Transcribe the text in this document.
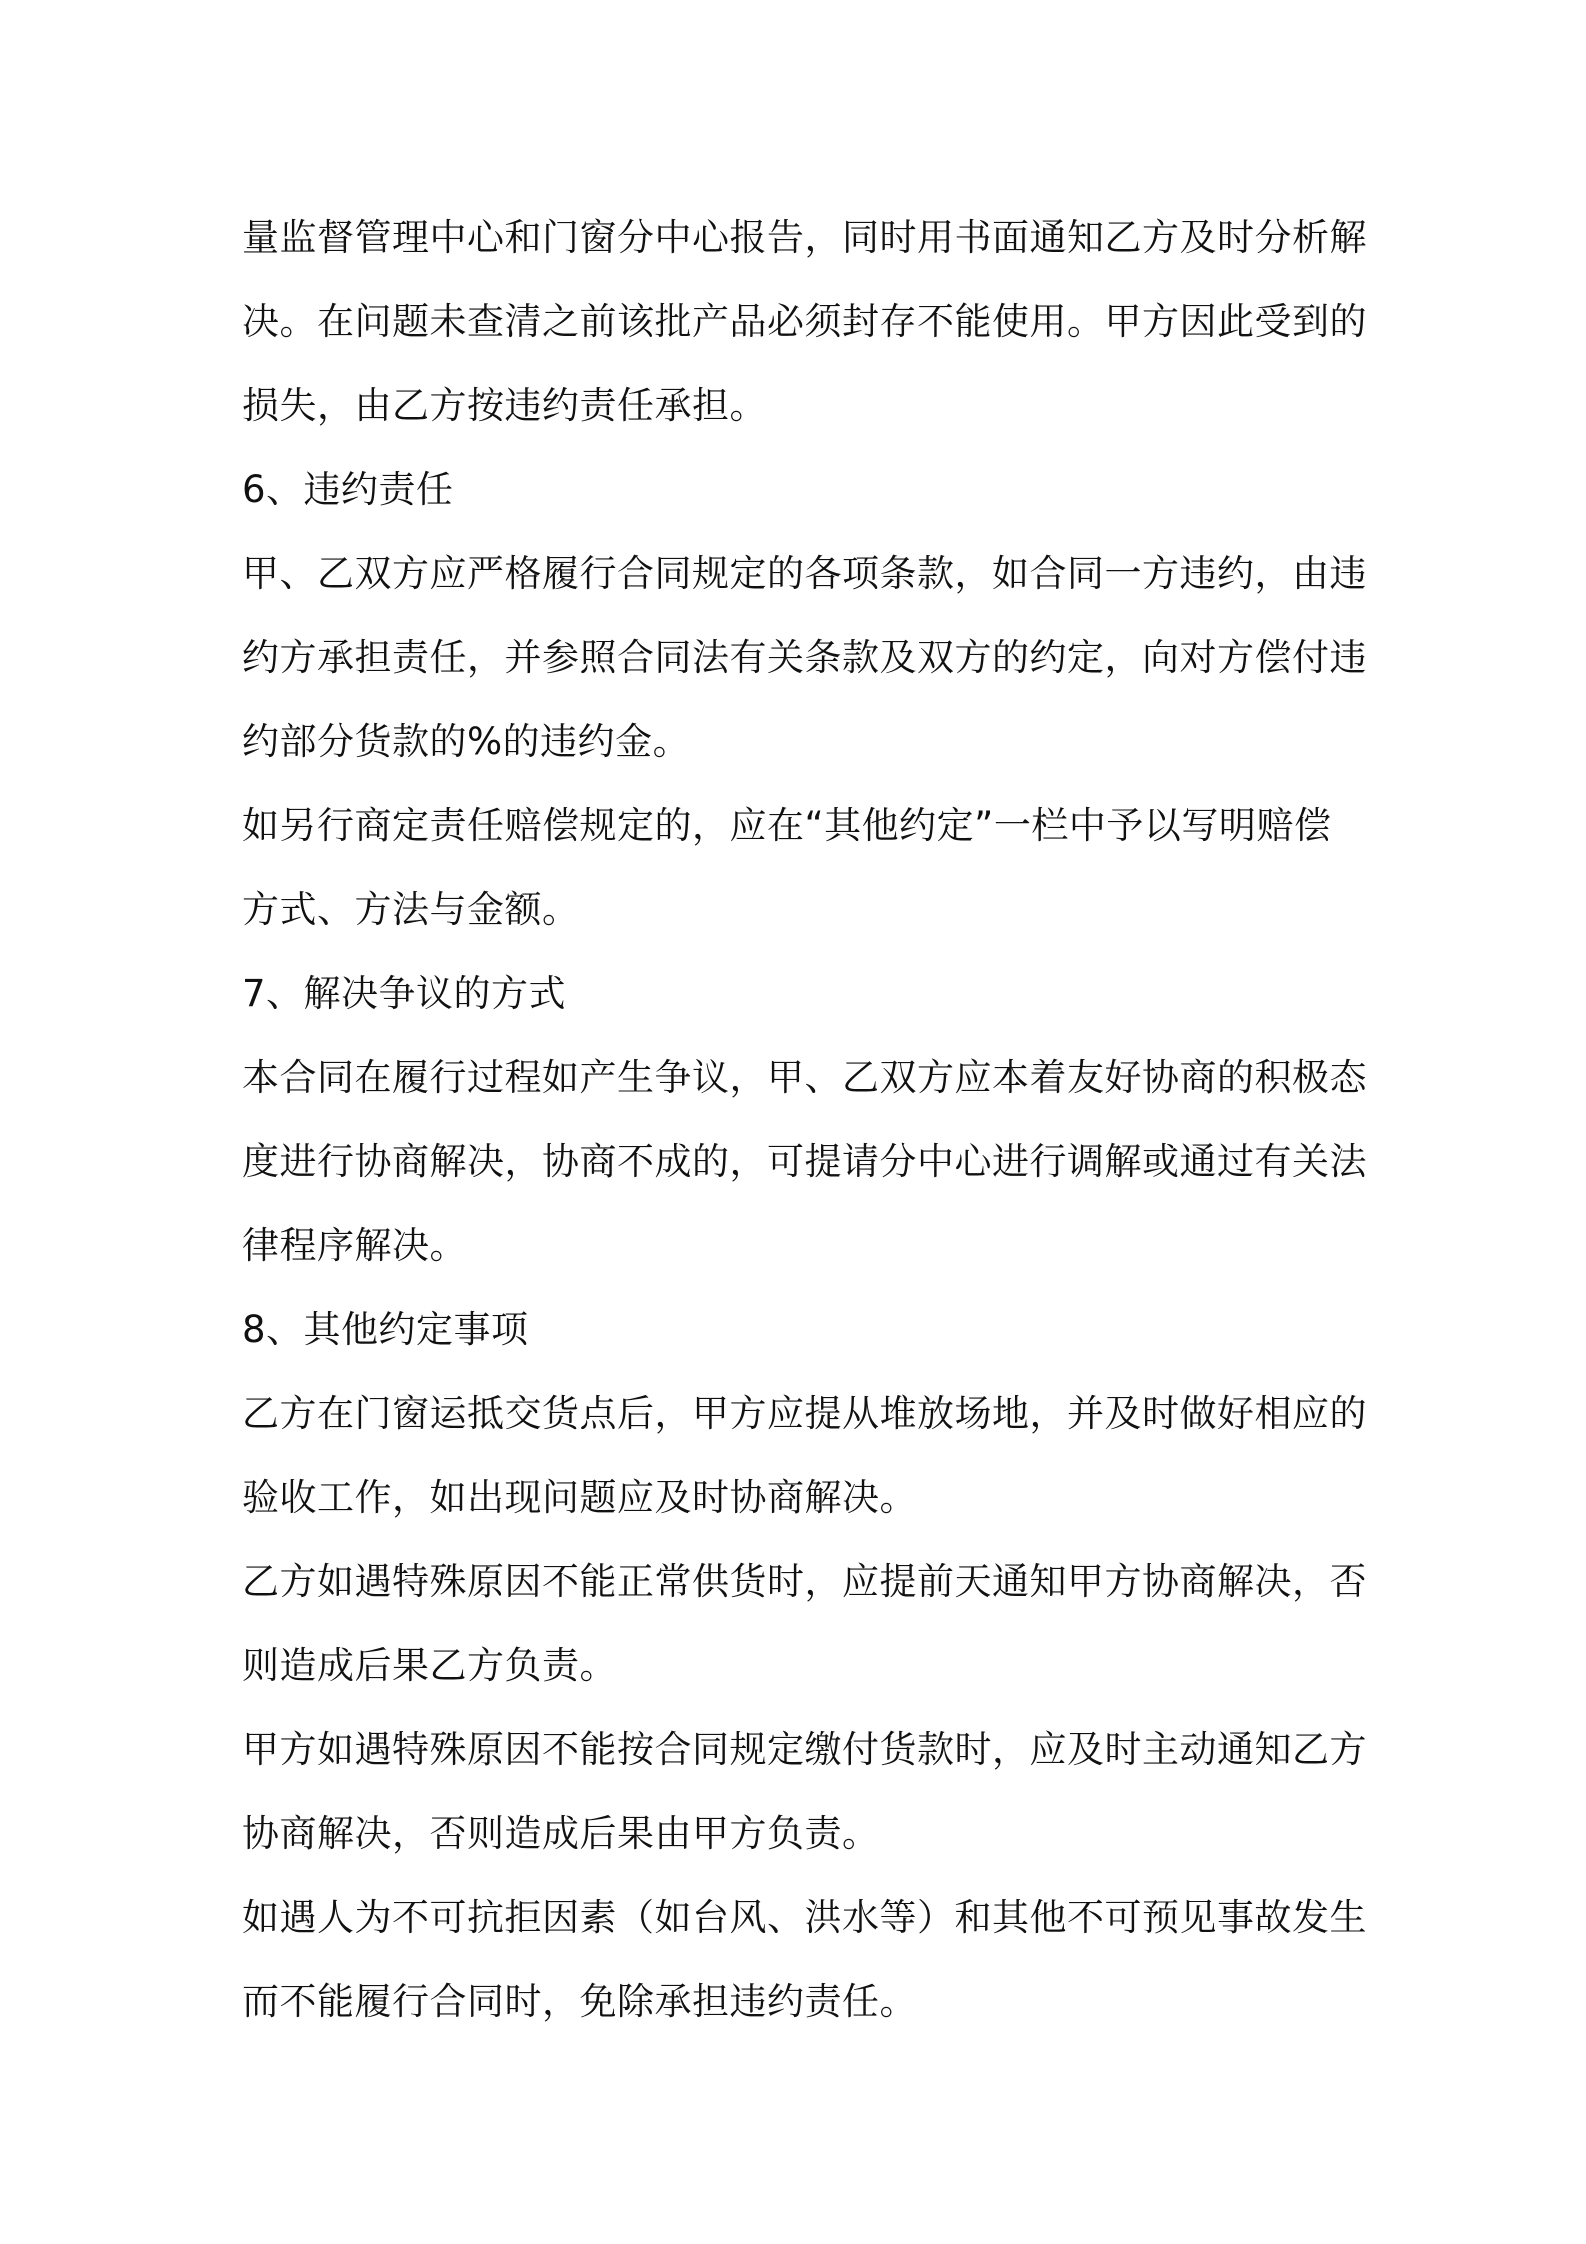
量监督管理中心和门窗分中心报告，同时用书面通知乙方及时分析解
决。在问题未查清之前该批产品必须封存不能使用。甲方因此受到的
损失，由乙方按违约责任承担。
6、违约责任
甲、乙双方应严格履行合同规定的各项条款，如合同一方违约，由违
约方承担责任，并参照合同法有关条款及双方的约定，向对方偿付违
约部分货款的%的违约金。
如另行商定责任赔偿规定的，应在“其他约定”一栏中予以写明赔偿
方式、方法与金额。
7、解决争议的方式
本合同在履行过程如产生争议，甲、乙双方应本着友好协商的积极态
度进行协商解决，协商不成的，可提请分中心进行调解或通过有关法
律程序解决。
8、其他约定事项
乙方在门窗运抵交货点后，甲方应提从堆放场地，并及时做好相应的
验收工作，如出现问题应及时协商解决。
乙方如遇特殊原因不能正常供货时，应提前天通知甲方协商解决，否
则造成后果乙方负责。
甲方如遇特殊原因不能按合同规定缴付货款时，应及时主动通知乙方
协商解决，否则造成后果由甲方负责。
如遇人为不可抗拒因素（如台风、洪水等）和其他不可预见事故发生
而不能履行合同时，免除承担违约责任。
